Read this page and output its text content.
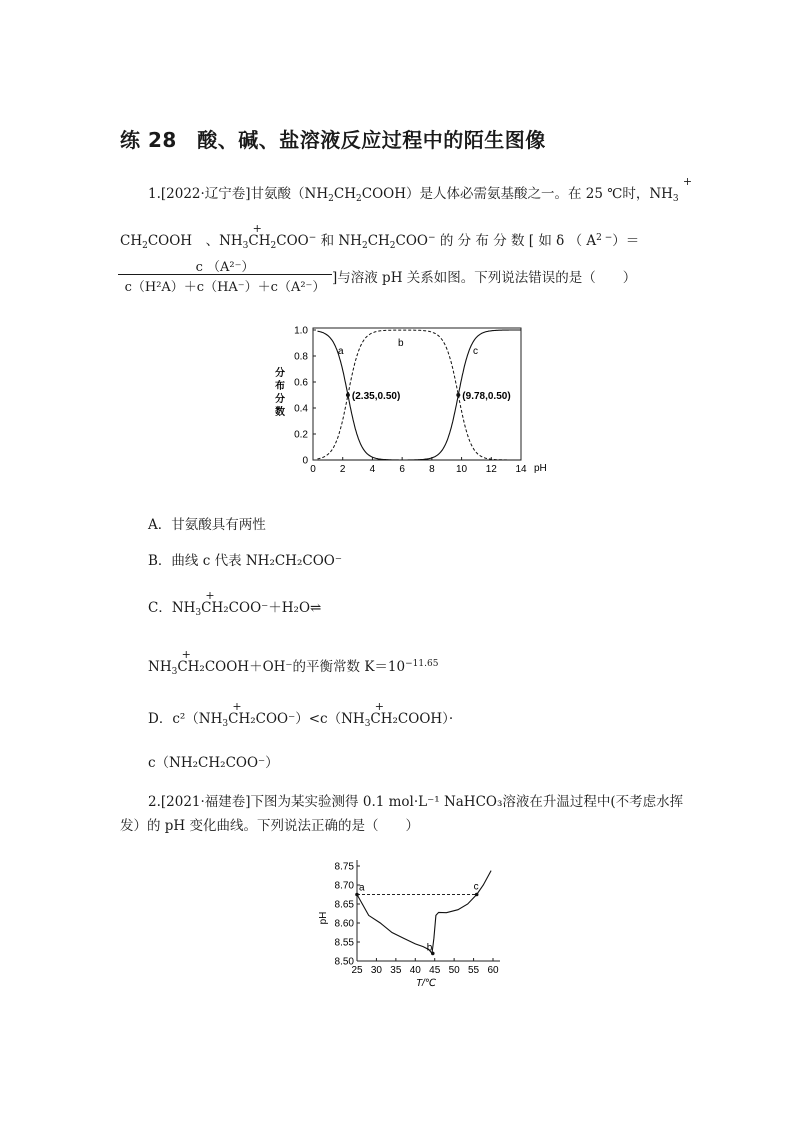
练 28　酸、碱、盐溶液反应过程中的陌生图像
1.[2022·辽宁卷]甘氨酸$(NH_2CH_2COOH)$是人体必需氨基酸之一。在 25 ℃时，NH
+
$_3$
$CH_2COOH$　、NH
+
$_3CH_2COO^-$ 和 $NH_2CH_2COO^-$ 的 分 布 分 数 [ 如 δ （ $A^{2 -})=$
c （A²⁻）
c（H²A）＋c（HA⁻）＋c（A²⁻）
]与溶液 pH 关系如图。下列说法错误的是（　　）
0 2 4 6 8 10 12 14
0
0.2
0.4
0.6
0.8
1.0
分
布
分
数
pH
a
b
c
(2.35,0.50)	(9.78,0.50)
A．甘氨酸具有两性
B．曲线 c 代表 NH₂CH₂COO⁻
C．NH
+
$_3$CH₂COO⁻＋H₂O⇌
NH
+
$_3$CH₂COOH＋OH⁻的平衡常数 $K=10^{-11.65}$
D．c²（NH
+
$_3$CH₂COO⁻）<c（NH
+
$_3$CH₂COOH）·
c（NH₂CH₂COO⁻）
2.[2021·福建卷]下图为某实验测得 0.1 mol·L⁻¹ NaHCO₃溶液在升温过程中(不考虑水挥
发）的 pH 变化曲线。下列说法正确的是（　　）
25 30 35 40 45 50 55 60
8.50
8.55
8.60
8.65
8.70
8.75
pH
T/℃
a
b
c
